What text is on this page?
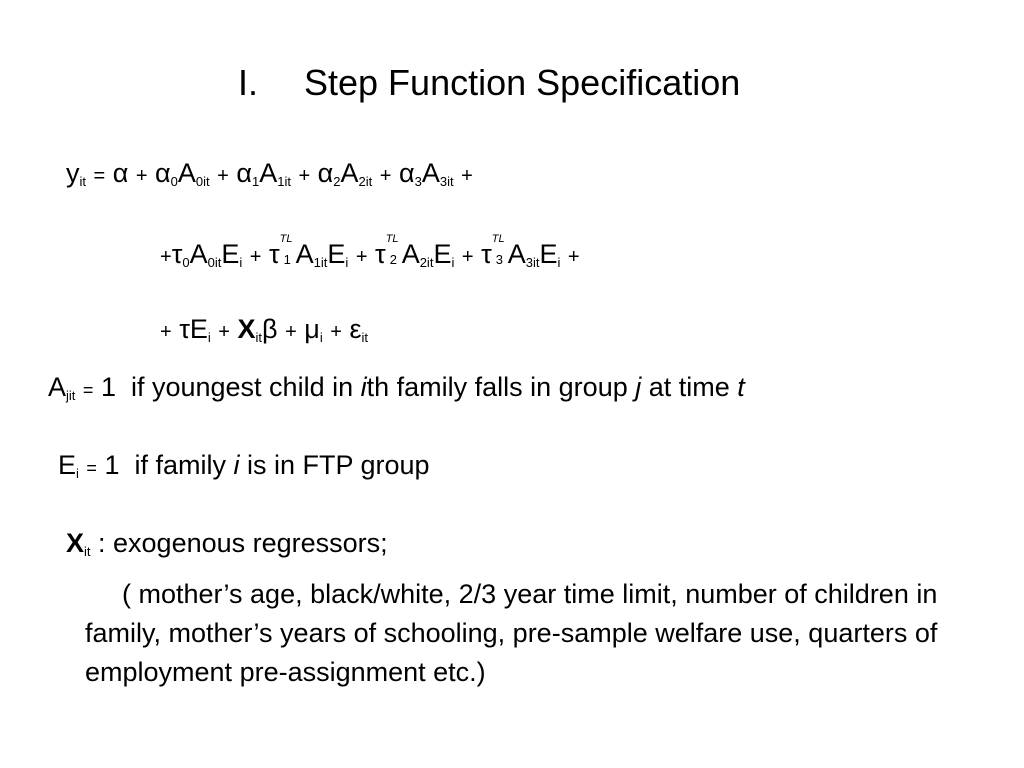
I. Step Function Specification
$y_{it} = \alpha + \alpha_0A_{0it} + \alpha_1A_{1it} + \alpha_2A_{2it} + \alpha_3A_{3it}$ +
$+\tau_0A_{0it}E_i + \tau$ TL
1 $A_{1it}E_i + \tau$ TL
2 $A_{2it}E_i + \tau$ TL
3 $A_{3it}E_i$ +
+ $\tau E_i + X_{it}\beta + \mu_i + \varepsilon_{it}$
$A_{jit} = 1$  if youngest child in ith family falls in group j at time t
$E_i = 1$  if family i is in FTP group
$X_{it}$ : exogenous regressors;
( mother’s age, black/white, 2/3 year time limit, number of children in family, mother’s years of schooling, pre-sample welfare use, quarters of employment pre-assignment etc.)
